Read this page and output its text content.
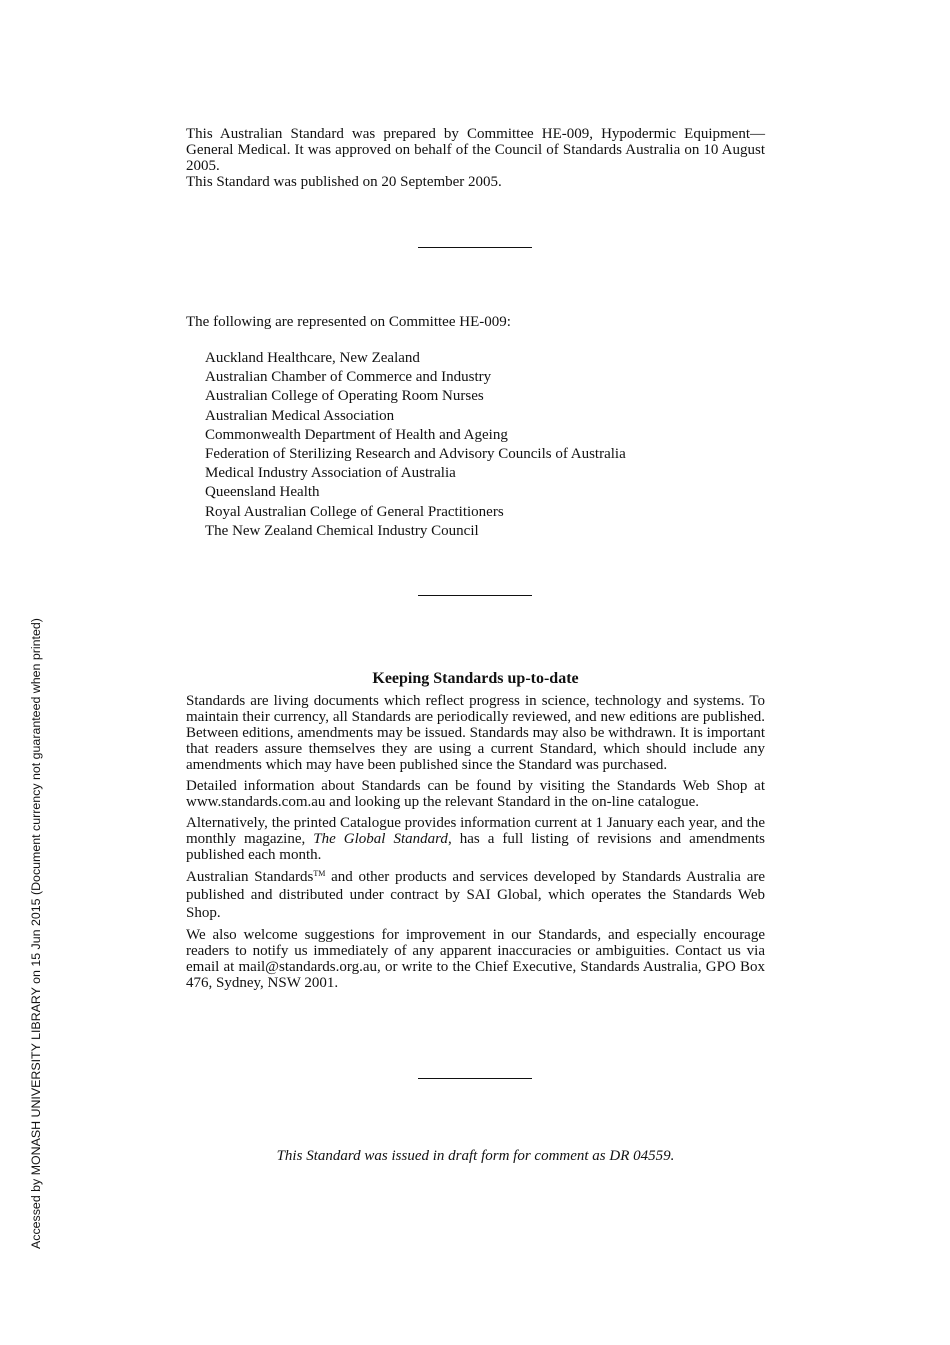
Accessed by MONASH UNIVERSITY LIBRARY on 15 Jun 2015 (Document currency not guaranteed when printed)

This Australian Standard was prepared by Committee HE-009, Hypodermic Equipment—General Medical. It was approved on behalf of the Council of Standards Australia on 10 August 2005.

This Standard was published on 20 September 2005.

The following are represented on Committee HE-009:
Auckland Healthcare, New Zealand
Australian Chamber of Commerce and Industry
Australian College of Operating Room Nurses
Australian Medical Association
Commonwealth Department of Health and Ageing
Federation of Sterilizing Research and Advisory Councils of Australia
Medical Industry Association of Australia
Queensland Health
Royal Australian College of General Practitioners
The New Zealand Chemical Industry Council
Keeping Standards up-to-date

Standards are living documents which reflect progress in science, technology and systems. To maintain their currency, all Standards are periodically reviewed, and new editions are published. Between editions, amendments may be issued. Standards may also be withdrawn. It is important that readers assure themselves they are using a current Standard, which should include any amendments which may have been published since the Standard was purchased.

Detailed information about Standards can be found by visiting the Standards Web Shop at www.standards.com.au and looking up the relevant Standard in the on-line catalogue.

Alternatively, the printed Catalogue provides information current at 1 January each year, and the monthly magazine, The Global Standard, has a full listing of revisions and amendments published each month.

Australian Standards™ and other products and services developed by Standards Australia are published and distributed under contract by SAI Global, which operates the Standards Web Shop.

We also welcome suggestions for improvement in our Standards, and especially encourage readers to notify us immediately of any apparent inaccuracies or ambiguities. Contact us via email at mail@standards.org.au, or write to the Chief Executive, Standards Australia, GPO Box 476, Sydney, NSW 2001.

This Standard was issued in draft form for comment as DR 04559.
